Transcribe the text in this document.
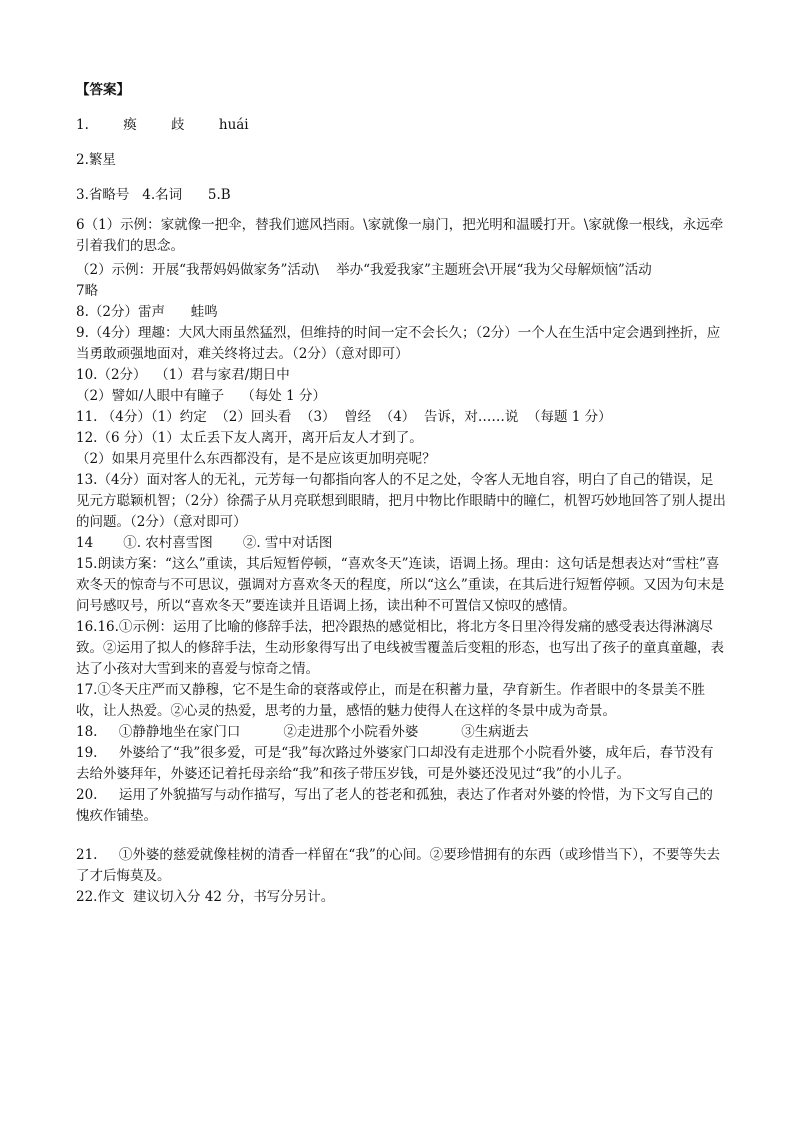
【答案】
1.        瘓        歧        huái
2.繁星
3.省略号   4.名词      5.B
6（1）示例：家就像一把伞，替我们遮风挡雨。\家就像一扇门，把光明和温暖打开。\家就像一根线，永远牵引着我们的思念。
（2）示例：开展“我帮妈妈做家务”活动\    举办“我爱我家”主题班会\开展“我为父母解烦恼”活动
7略
8.（2分）雷声      蛙鸣
9.（4分）理趣：大风大雨虽然猛烈，但维持的时间一定不会长久；（2分）一个人在生活中定会遇到挫折，应当勇敢顽强地面对，难关终将过去。（2分）（意对即可）
10.（2分）  （1）君与家君/期日中
（2）譬如/人眼中有瞳子    （每处 1 分）
11. （4分）（1）约定  （2）回头看  （3）  曾经  （4）  告诉，对……说  （每题 1 分）
12.（6 分）（1）太丘丢下友人离开，离开后友人才到了。
（2）如果月亮里什么东西都没有，是不是应该更加明亮呢？
13.（4分）面对客人的无礼，元芳每一句都指向客人的不足之处，令客人无地自容，明白了自己的错误，足见元方聪颖机智；（2分）徐孺子从月亮联想到眼睛，把月中物比作眼睛中的瞳仁，机智巧妙地回答了别人提出的问题。（2分）（意对即可）
14       ①. 农村喜雪图       ②. 雪中对话图
15.朗读方案：“这么”重读，其后短暂停顿，“喜欢冬天”连读，语调上扬。理由：这句话是想表达对“雪柱”喜欢冬天的惊奇与不可思议，强调对方喜欢冬天的程度，所以“这么”重读，在其后进行短暂停顿。又因为句末是问号感叹号，所以“喜欢冬天”要连读并且语调上扬，读出种不可置信又惊叹的感情。
16.16.①示例：运用了比喻的修辞手法，把冷跟热的感觉相比，将北方冬日里冷得发痛的感受表达得淋漓尽致。②运用了拟人的修辞手法，生动形象得写出了电线被雪覆盖后变粗的形态，也写出了孩子的童真童趣，表达了小孩对大雪到来的喜爱与惊奇之情。
17.①冬天庄严而又静穆，它不是生命的衰落或停止，而是在积蓄力量，孕育新生。作者眼中的冬景美不胜收，让人热爱。②心灵的热爱，思考的力量，感悟的魅力使得人在这样的冬景中成为奇景。
18.     ①静静地坐在家门口          ②走进那个小院看外婆          ③生病逝去
19.     外婆给了“我”很多爱，可是“我”每次路过外婆家门口却没有走进那个小院看外婆，成年后，春节没有去给外婆拜年，外婆还记着托母亲给“我”和孩子带压岁钱，可是外婆还没见过“我”的小儿子。
20.     运用了外貌描写与动作描写，写出了老人的苍老和孤独，表达了作者对外婆的怜惜，为下文写自己的愧疚作铺垫。
21.     ①外婆的慈爱就像桂树的清香一样留在“我”的心间。②要珍惜拥有的东西（或珍惜当下），不要等失去了才后悔莫及。
22.作文  建议切入分 42 分，书写分另计。
